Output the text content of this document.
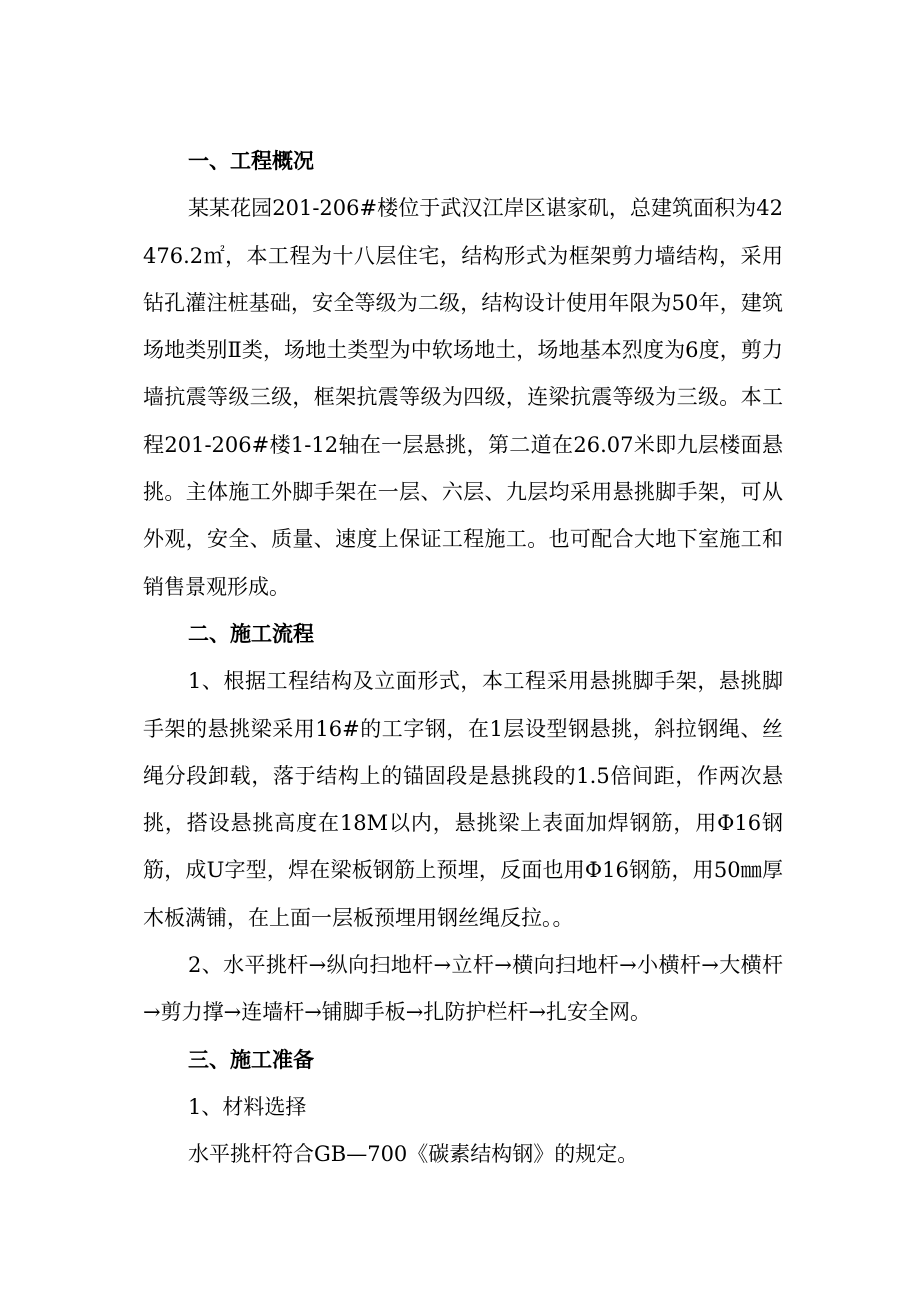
一、工程概况

某某花园201-206#楼位于武汉江岸区谌家矶，总建筑面积为42476.2㎡，本工程为十八层住宅，结构形式为框架剪力墙结构，采用钻孔灌注桩基础，安全等级为二级，结构设计使用年限为50年，建筑场地类别Ⅱ类，场地土类型为中软场地土，场地基本烈度为6度，剪力墙抗震等级三级，框架抗震等级为四级，连梁抗震等级为三级。本工程201-206#楼1-12轴在一层悬挑，第二道在26.07米即九层楼面悬挑。主体施工外脚手架在一层、六层、九层均采用悬挑脚手架，可从外观，安全、质量、速度上保证工程施工。也可配合大地下室施工和销售景观形成。

二、施工流程

1、根据工程结构及立面形式，本工程采用悬挑脚手架，悬挑脚手架的悬挑梁采用16#的工字钢，在1层设型钢悬挑，斜拉钢绳、丝绳分段卸载，落于结构上的锚固段是悬挑段的1.5倍间距，作两次悬挑，搭设悬挑高度在18M以内，悬挑梁上表面加焊钢筋，用Φ16钢筋，成U字型，焊在梁板钢筋上预埋，反面也用Φ16钢筋，用50㎜厚木板满铺，在上面一层板预埋用钢丝绳反拉。。

2、水平挑杆→纵向扫地杆→立杆→横向扫地杆→小横杆→大横杆→剪力撑→连墙杆→铺脚手板→扎防护栏杆→扎安全网。

三、施工准备

1、材料选择

水平挑杆符合GB—700《碳素结构钢》的规定。
